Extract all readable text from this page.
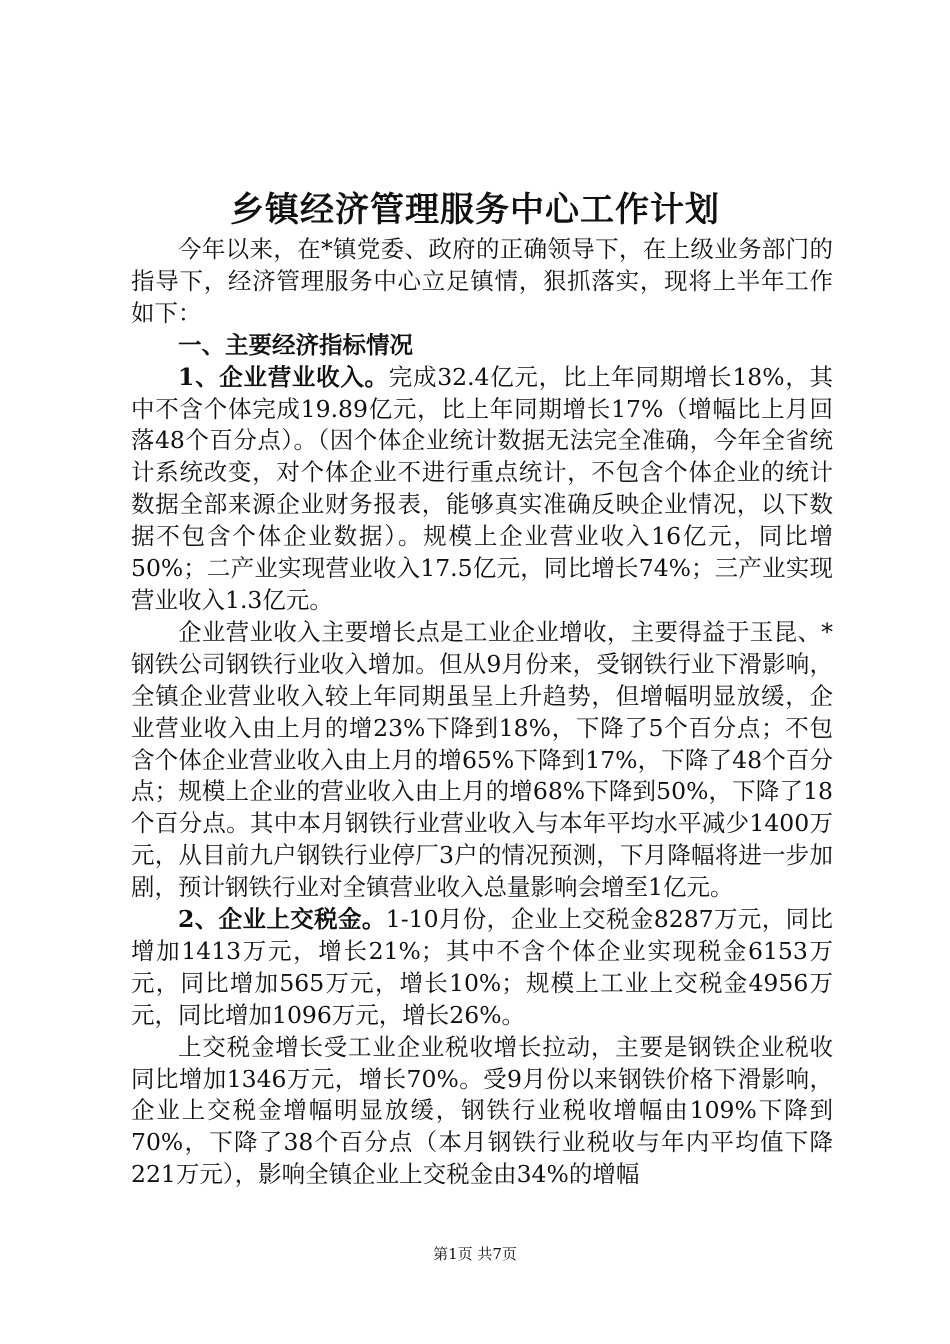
乡镇经济管理服务中心工作计划

今年以来，在*镇党委、政府的正确领导下，在上级业务部门的指导下，经济管理服务中心立足镇情，狠抓落实，现将上半年工作如下：

一、主要经济指标情况

1、企业营业收入。完成32.4亿元，比上年同期增长18%，其中不含个体完成19.89亿元，比上年同期增长17%（增幅比上月回落48个百分点）。（因个体企业统计数据无法完全准确，今年全省统计系统改变，对个体企业不进行重点统计，不包含个体企业的统计数据全部来源企业财务报表，能够真实准确反映企业情况，以下数据不包含个体企业数据）。规模上企业营业收入16亿元，同比增50%；二产业实现营业收入17.5亿元，同比增长74%；三产业实现营业收入1.3亿元。

企业营业收入主要增长点是工业企业增收，主要得益于玉昆、*钢铁公司钢铁行业收入增加。但从9月份来，受钢铁行业下滑影响，全镇企业营业收入较上年同期虽呈上升趋势，但增幅明显放缓，企业营业收入由上月的增23%下降到18%，下降了5个百分点；不包含个体企业营业收入由上月的增65%下降到17%，下降了48个百分点；规模上企业的营业收入由上月的增68%下降到50%，下降了18个百分点。其中本月钢铁行业营业收入与本年平均水平减少1400万元，从目前九户钢铁行业停厂3户的情况预测，下月降幅将进一步加剧，预计钢铁行业对全镇营业收入总量影响会增至1亿元。

2、企业上交税金。1-10月份，企业上交税金8287万元，同比增加1413万元，增长21%；其中不含个体企业实现税金6153万元，同比增加565万元，增长10%；规模上工业上交税金4956万元，同比增加1096万元，增长26%。

上交税金增长受工业企业税收增长拉动，主要是钢铁企业税收同比增加1346万元，增长70%。受9月份以来钢铁价格下滑影响，企业上交税金增幅明显放缓，钢铁行业税收增幅由109%下降到70%，下降了38个百分点（本月钢铁行业税收与年内平均值下降221万元），影响全镇企业上交税金由34%的增幅

第1页 共7页
